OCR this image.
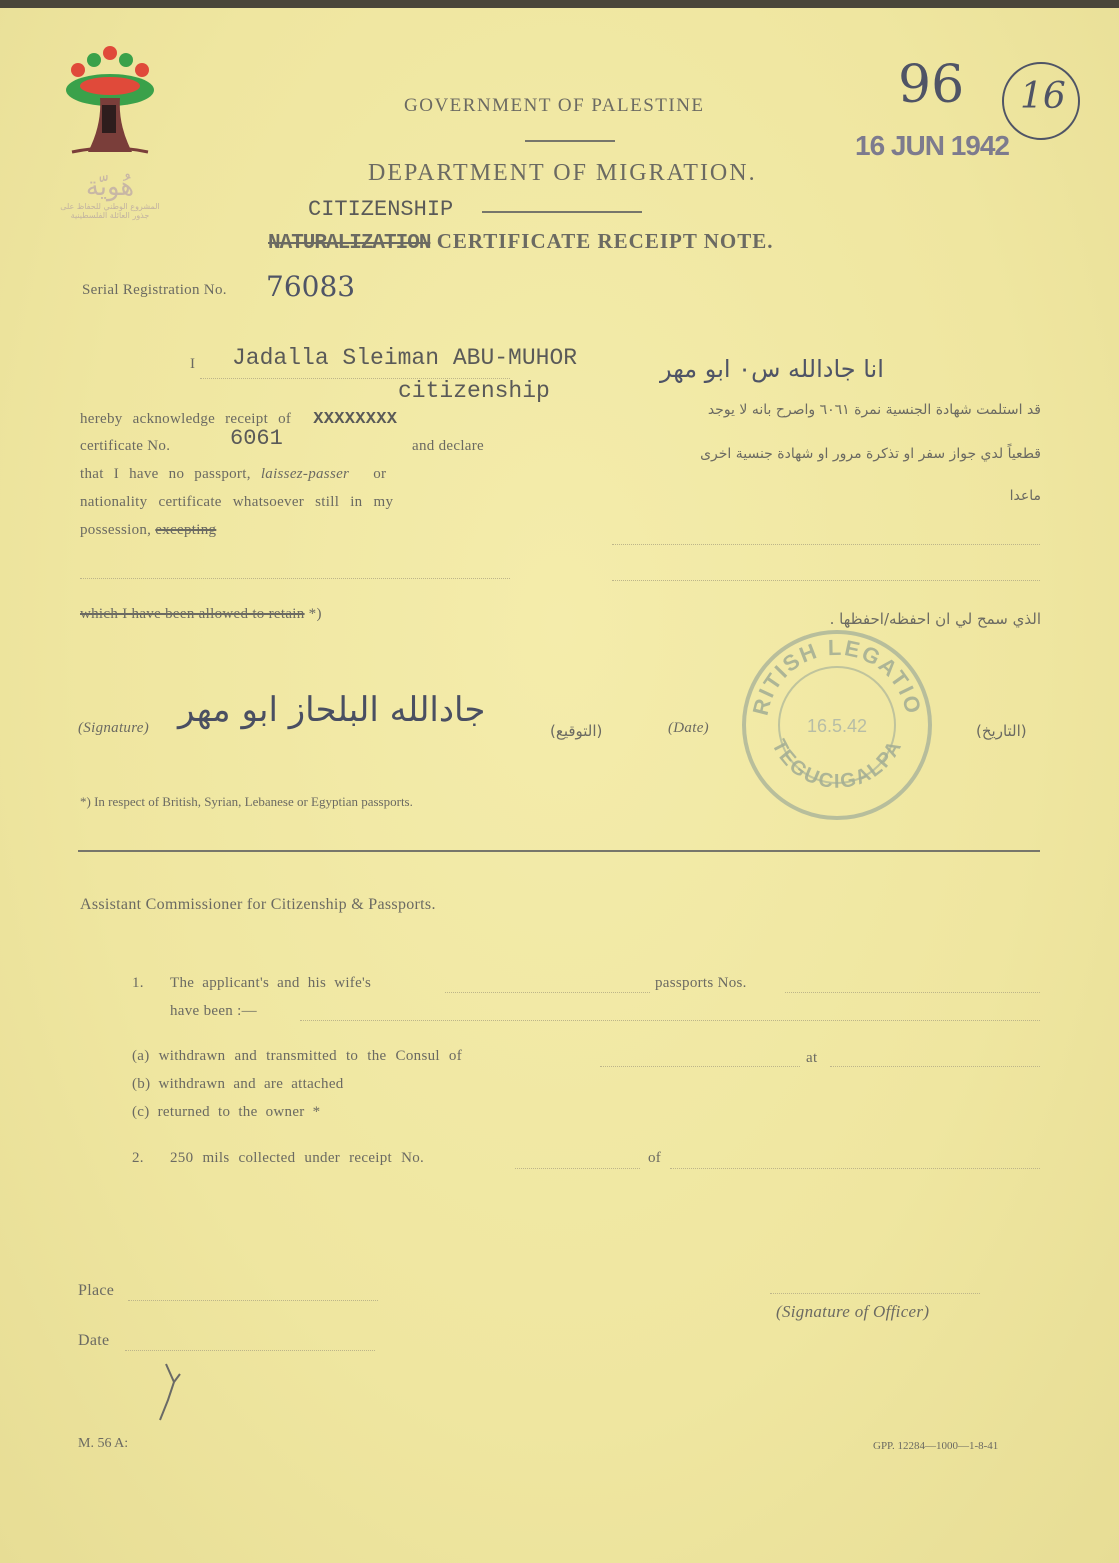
هُويّة
المشروع الوطني للحفاظ على
جذور العائلة الفلسطينية
GOVERNMENT OF PALESTINE
DEPARTMENT OF MIGRATION.
CITIZENSHIP
NATURALIZATION CERTIFICATE RECEIPT NOTE.
96 16
16 JUN 1942
Serial Registration No. 76083
I Jadalla Sleiman ABU-MUHOR
citizenship
انا جادالله س٠ ابو مهر
hereby acknowledge receipt of XXXXXXXX
certificate No.	6061	and declare
that I have no passport, laissez-passer or
nationality certificate whatsoever still in my
possession, excepting
which I have been allowed to retain *)
قد استلمت شهادة الجنسية نمرة ٦٠٦١ واصرح بانه لا يوجد
قطعياً لدي جواز سفر او تذكرة مرور او شهادة جنسية اخرى
ماعدا
الذي سمح لي ان احفظه/احفظها .
(Signature) جادالله البلحاز ابو مهر
(التوقيع)	(Date)	(التاريخ)
RITISH LEGATIO
TEGUCIGALPA
16.5.42
*) In respect of British, Syrian, Lebanese or Egyptian passports.
Assistant Commissioner for Citizenship & Passports.
1. The applicant's and his wife's	passports Nos.
have been :—
(a) withdrawn and transmitted to the Consul of	at
(b) withdrawn and are attached
(c) returned to the owner *
2. 250 mils collected under receipt No.	of
Place
(Signature of Officer)
Date
M. 56 A:	GPP. 12284—1000—1-8-41
